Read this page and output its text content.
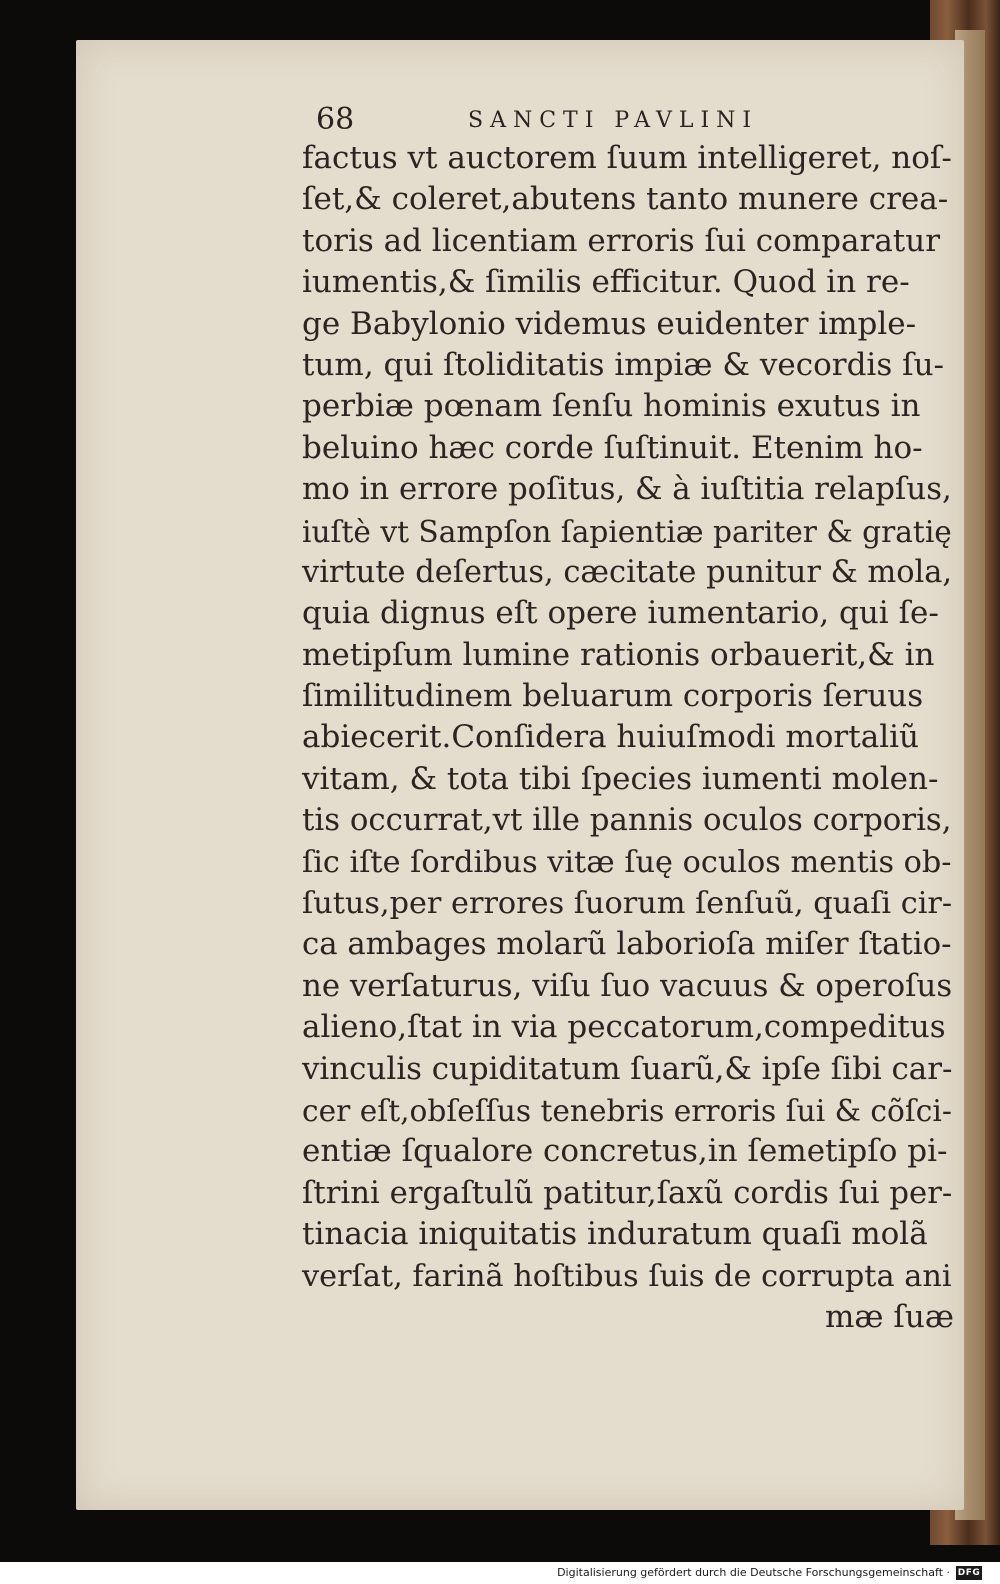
68	SANCTI PAVLINI
factus vt auctorem ſuum intelligeret, noſ-
ſet,& coleret,abutens tanto munere crea-
toris ad licentiam erroris ſui comparatur
iumentis,& ſimilis efficitur. Quod in re-
ge Babylonio videmus euidenter imple-
tum, qui ſtoliditatis impiæ & vecordis ſu-
perbiæ pœnam ſenſu hominis exutus in
beluino hæc corde ſuſtinuit. Etenim ho-
mo in errore poſitus, & à iuſtitia relapſus,
iuſtè vt Sampſon ſapientiæ pariter & gratię
virtute deſertus, cæcitate punitur & mola,
quia dignus eſt opere iumentario, qui ſe-
metipſum lumine rationis orbauerit,& in
ſimilitudinem beluarum corporis ſeruus
abiecerit.Conſidera huiuſmodi mortaliũ
vitam, & tota tibi ſpecies iumenti molen-
tis occurrat,vt ille pannis oculos corporis,
ſic iſte ſordibus vitæ ſuę oculos mentis ob-
ſutus,per errores ſuorum ſenſuũ, quaſi cir-
ca ambages molarũ laborioſa miſer ſtatio-
ne verſaturus, viſu ſuo vacuus & operoſus
alieno,ſtat in via peccatorum,compeditus
vinculis cupiditatum ſuarũ,& ipſe ſibi car-
cer eſt,obſeſſus tenebris erroris ſui & cõſci-
entiæ ſqualore concretus,in ſemetipſo pi-
ſtrini ergaſtulũ patitur,ſaxũ cordis ſui per-
tinacia iniquitatis induratum quaſi molã
verſat, farinã hoſtibus ſuis de corrupta ani
mæ ſuæ
Digitalisierung gefördert durch die Deutsche Forschungsgemeinschaft · DFG
